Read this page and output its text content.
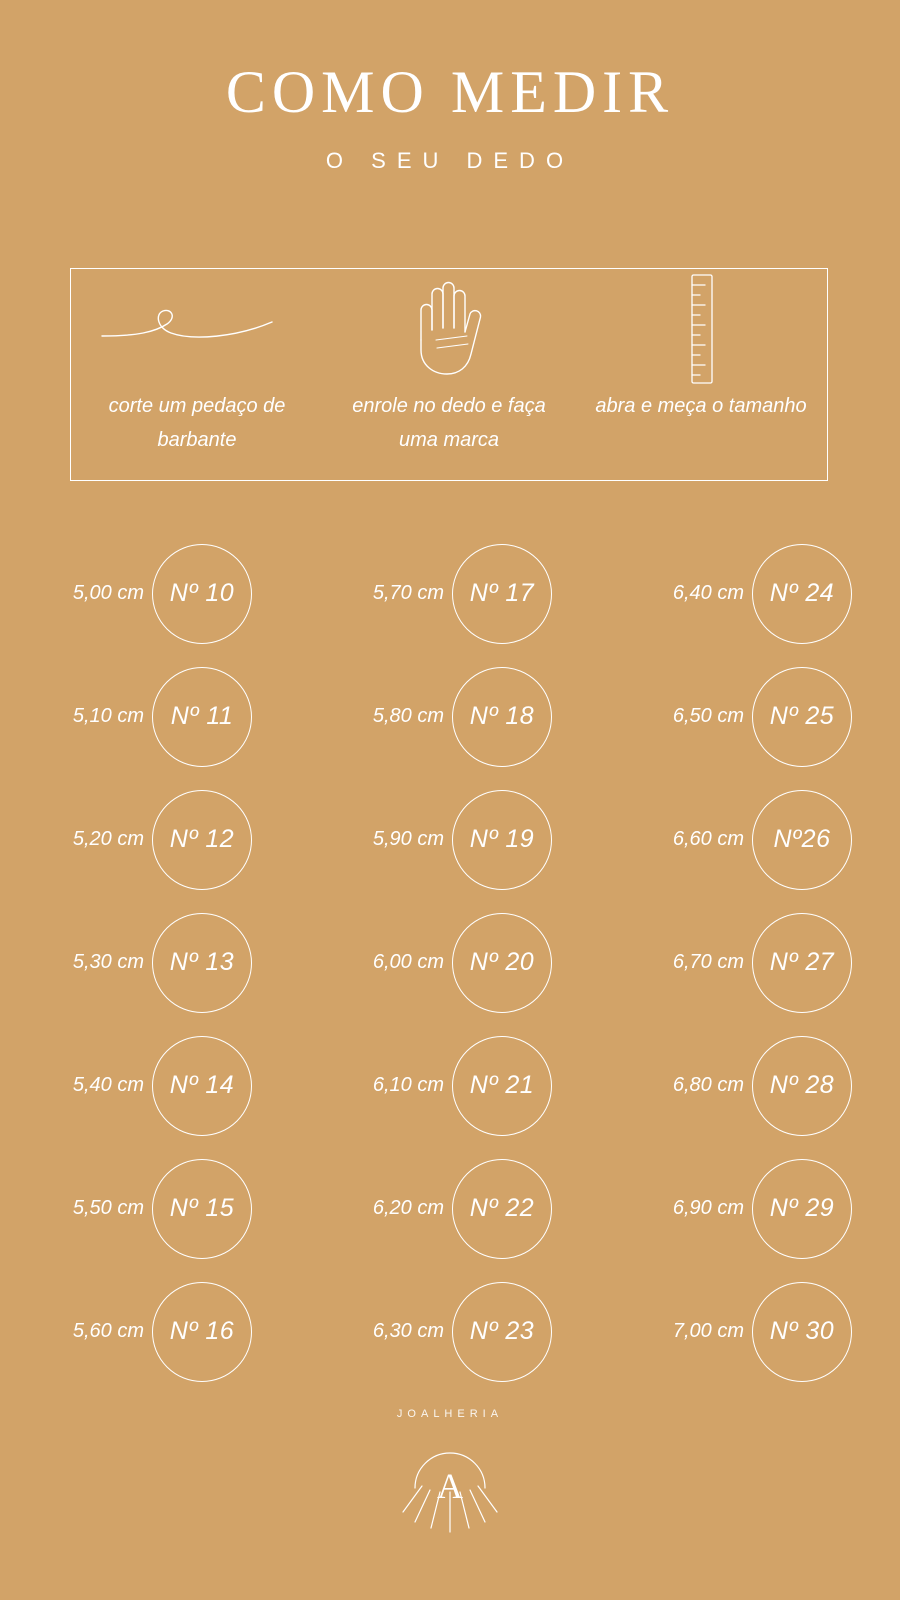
COMO MEDIR
O SEU DEDO
corte um pedaço de barbante
enrole no dedo e faça uma marca
abra e meça o tamanho
5,00 cm Nº 10
5,10 cm Nº 11
5,20 cm Nº 12
5,30 cm Nº 13
5,40 cm Nº 14
5,50 cm Nº 15
5,60 cm Nº 16
5,70 cm Nº 17
5,80 cm Nº 18
5,90 cm Nº 19
6,00 cm Nº 20
6,10 cm Nº 21
6,20 cm Nº 22
6,30 cm Nº 23
6,40 cm Nº 24
6,50 cm Nº 25
6,60 cm Nº26
6,70 cm Nº 27
6,80 cm Nº 28
6,90 cm Nº 29
7,00 cm Nº 30
JOALHERIA
A
